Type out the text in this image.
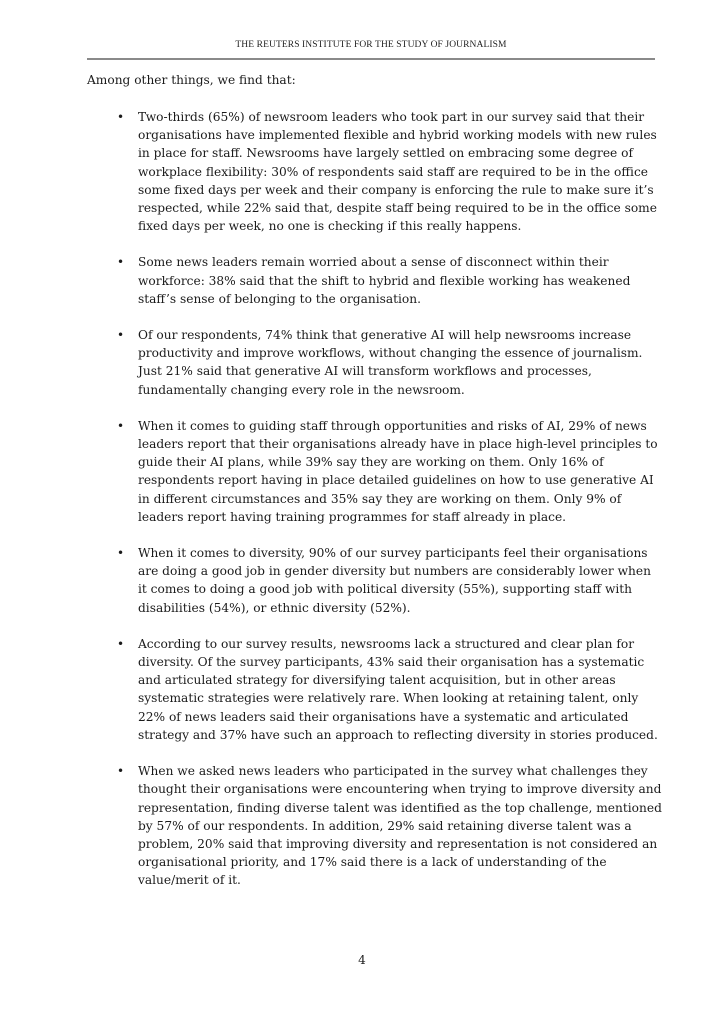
THE REUTERS INSTITUTE FOR THE STUDY OF JOURNALISM
Among other things, we find that:
• Two-thirds (65%) of newsroom leaders who took part in our survey said that their organisations have implemented flexible and hybrid working models with new rules in place for staff. Newsrooms have largely settled on embracing some degree of workplace flexibility: 30% of respondents said staff are required to be in the office some fixed days per week and their company is enforcing the rule to make sure it’s respected, while 22% said that, despite staff being required to be in the office some fixed days per week, no one is checking if this really happens.
• Some news leaders remain worried about a sense of disconnect within their workforce: 38% said that the shift to hybrid and flexible working has weakened staff’s sense of belonging to the organisation.
• Of our respondents, 74% think that generative AI will help newsrooms increase productivity and improve workflows, without changing the essence of journalism. Just 21% said that generative AI will transform workflows and processes, fundamentally changing every role in the newsroom.
• When it comes to guiding staff through opportunities and risks of AI, 29% of news leaders report that their organisations already have in place high-level principles to guide their AI plans, while 39% say they are working on them. Only 16% of respondents report having in place detailed guidelines on how to use generative AI in different circumstances and 35% say they are working on them. Only 9% of leaders report having training programmes for staff already in place.
• When it comes to diversity, 90% of our survey participants feel their organisations are doing a good job in gender diversity but numbers are considerably lower when it comes to doing a good job with political diversity (55%), supporting staff with disabilities (54%), or ethnic diversity (52%).
• According to our survey results, newsrooms lack a structured and clear plan for diversity. Of the survey participants, 43% said their organisation has a systematic and articulated strategy for diversifying talent acquisition, but in other areas systematic strategies were relatively rare. When looking at retaining talent, only 22% of news leaders said their organisations have a systematic and articulated strategy and 37% have such an approach to reflecting diversity in stories produced.
• When we asked news leaders who participated in the survey what challenges they thought their organisations were encountering when trying to improve diversity and representation, finding diverse talent was identified as the top challenge, mentioned by 57% of our respondents. In addition, 29% said retaining diverse talent was a problem, 20% said that improving diversity and representation is not considered an organisational priority, and 17% said there is a lack of understanding of the value/merit of it.
4
